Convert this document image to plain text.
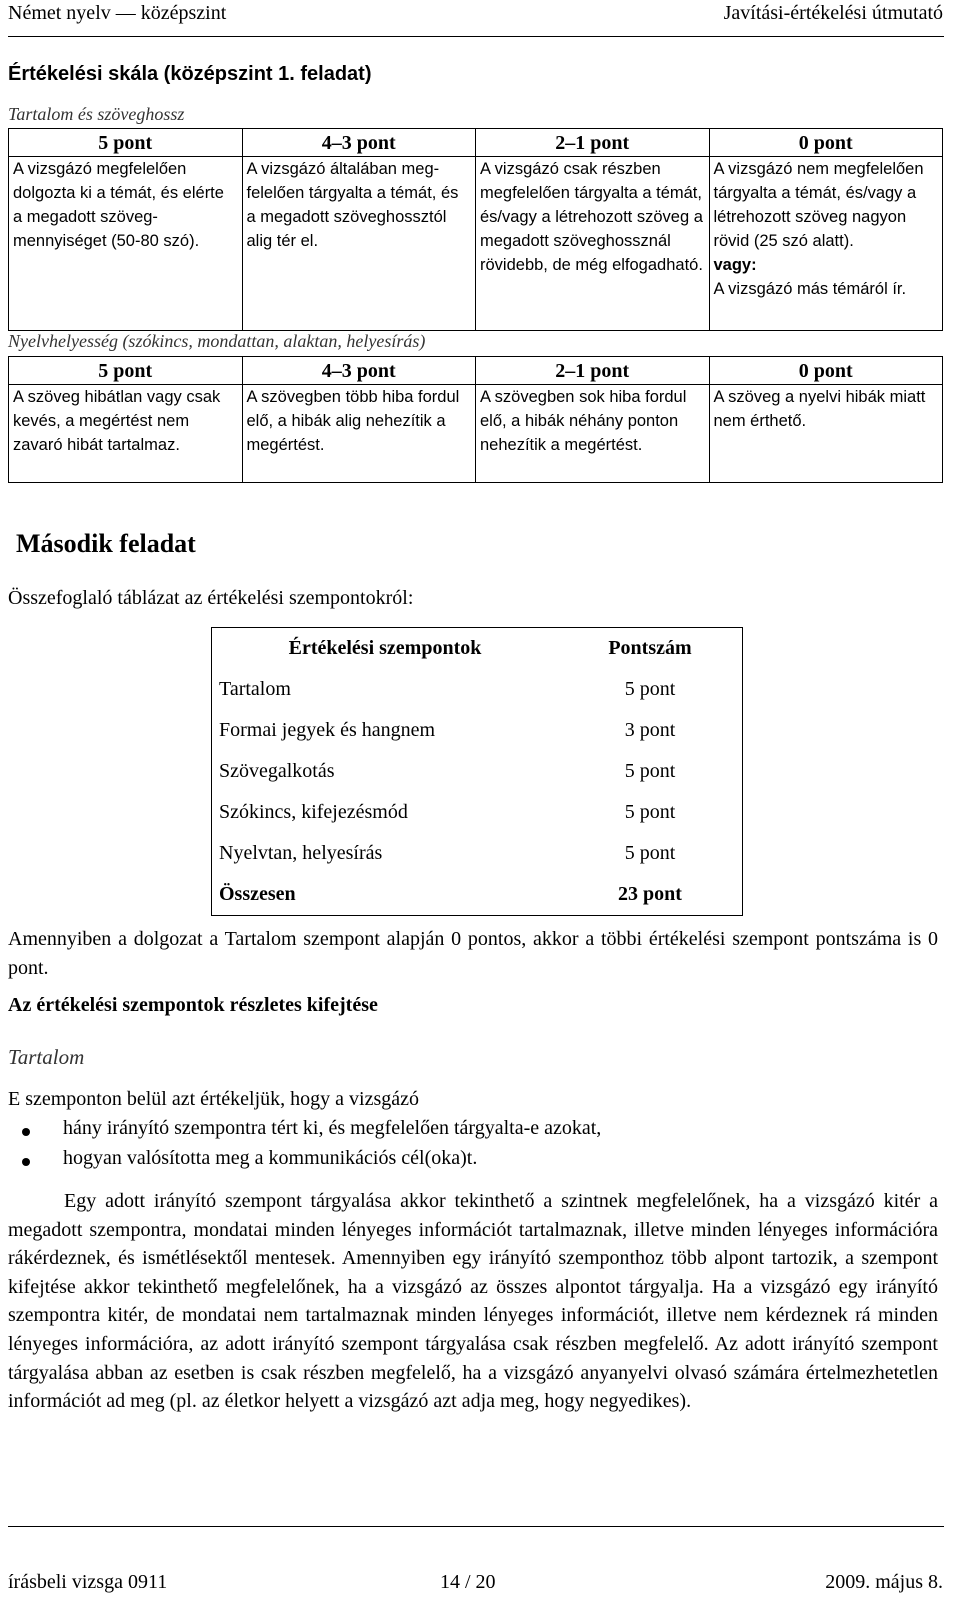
Német nyelv — középszint	Javítási-értékelési útmutató
Értékelési skála (középszint 1. feladat)
Tartalom és szöveghossz
5 pont	4–3 pont	2–1 pont	0 pont
A vizsgázó megfelelően dolgozta ki a témát, és elérte a megadott szövegmennyiséget (50-80 szó).	A vizsgázó általában megfelelően tárgyalta a témát, és a megadott szöveghossztól alig tér el.	A vizsgázó csak részben megfelelően tárgyalta a témát, és/vagy a létrehozott szöveg a megadott szöveghossznál rövidebb, de még elfogadható.	A vizsgázó nem megfelelően tárgyalta a témát, és/vagy a létrehozott szöveg nagyon rövid (25 szó alatt).
vagy:
A vizsgázó más témáról ír.
Nyelvhelyesség (szókincs, mondattan, alaktan, helyesírás)
5 pont	4–3 pont	2–1 pont	0 pont
A szöveg hibátlan vagy csak kevés, a megértést nem zavaró hibát tartalmaz.	A szövegben több hiba fordul elő, a hibák alig nehezítik a megértést.	A szövegben sok hiba fordul elő, a hibák néhány ponton nehezítik a megértést.	A szöveg a nyelvi hibák miatt nem érthető.
Második feladat
Összefoglaló táblázat az értékelési szempontokról:
Értékelési szempontok	Pontszám
Tartalom	5 pont
Formai jegyek és hangnem	3 pont
Szövegalkotás	5 pont
Szókincs, kifejezésmód	5 pont
Nyelvtan, helyesírás	5 pont
Összesen	23 pont
Amennyiben a dolgozat a Tartalom szempont alapján 0 pontos, akkor a többi értékelési szempont pontszáma is 0 pont.
Az értékelési szempontok részletes kifejtése
Tartalom
E szemponton belül azt értékeljük, hogy a vizsgázó
hány irányító szempontra tért ki, és megfelelően tárgyalta-e azokat,
hogyan valósította meg a kommunikációs cél(oka)t.
Egy adott irányító szempont tárgyalása akkor tekinthető a szintnek megfelelőnek, ha a vizsgázó kitér a megadott szempontra, mondatai minden lényeges információt tartalmaznak, illetve minden lényeges információra rákérdeznek, és ismétlésektől mentesek. Amennyiben egy irányító szemponthoz több alpont tartozik, a szempont kifejtése akkor tekinthető megfelelőnek, ha a vizsgázó az összes alpontot tárgyalja. Ha a vizsgázó egy irányító szempontra kitér, de mondatai nem tartalmaznak minden lényeges információt, illetve nem kérdeznek rá minden lényeges információra, az adott irányító szempont tárgyalása csak részben megfelelő. Az adott irányító szempont tárgyalása abban az esetben is csak részben megfelelő, ha a vizsgázó anyanyelvi olvasó számára értelmezhetetlen információt ad meg (pl. az életkor helyett a vizsgázó azt adja meg, hogy negyedikes).
írásbeli vizsga 0911	14 / 20	2009. május 8.
